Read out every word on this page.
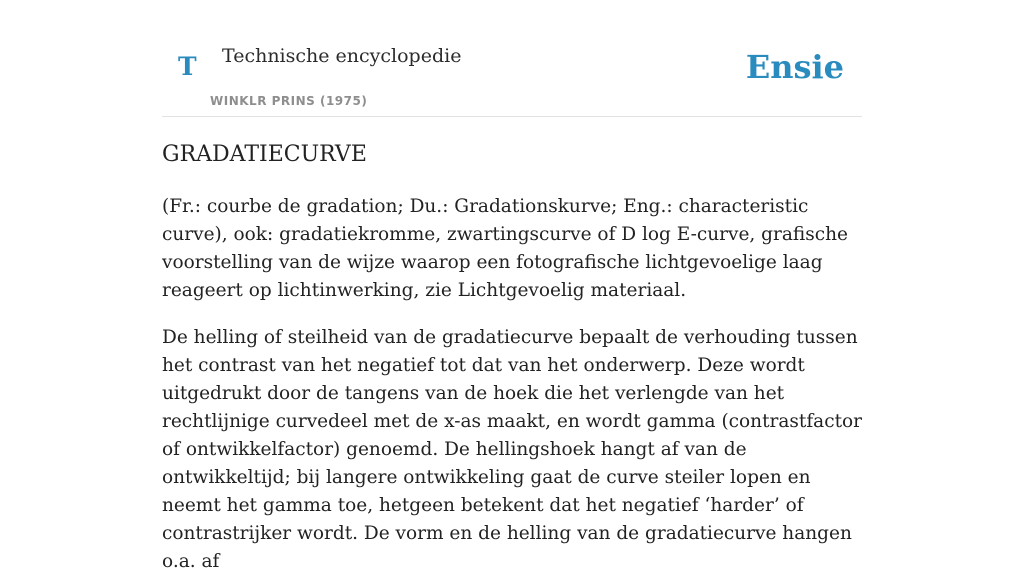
T Technische encyclopedie
WINKLR PRINS (1975)
Ensie
GRADATIECURVE

(Fr.: courbe de gradation; Du.: Gradationskurve; Eng.: characteristic curve), ook: gradatiekromme, zwartingscurve of D log E-curve, grafische voorstelling van de wijze waarop een fotografische lichtgevoelige laag reageert op lichtinwerking, zie Lichtgevoelig materiaal.

De helling of steilheid van de gradatiecurve bepaalt de verhouding tussen het contrast van het negatief tot dat van het onderwerp. Deze wordt uitgedrukt door de tangens van de hoek die het verlengde van het rechtlijnige curvedeel met de x-as maakt, en wordt gamma (contrastfactor of ontwikkelfactor) genoemd. De hellingshoek hangt af van de ontwikkeltijd; bij langere ontwikkeling gaat de curve steiler lopen en neemt het gamma toe, hetgeen betekent dat het negatief ‘harder’ of contrastrijker wordt. De vorm en de helling van de gradatiecurve hangen o.a. af
